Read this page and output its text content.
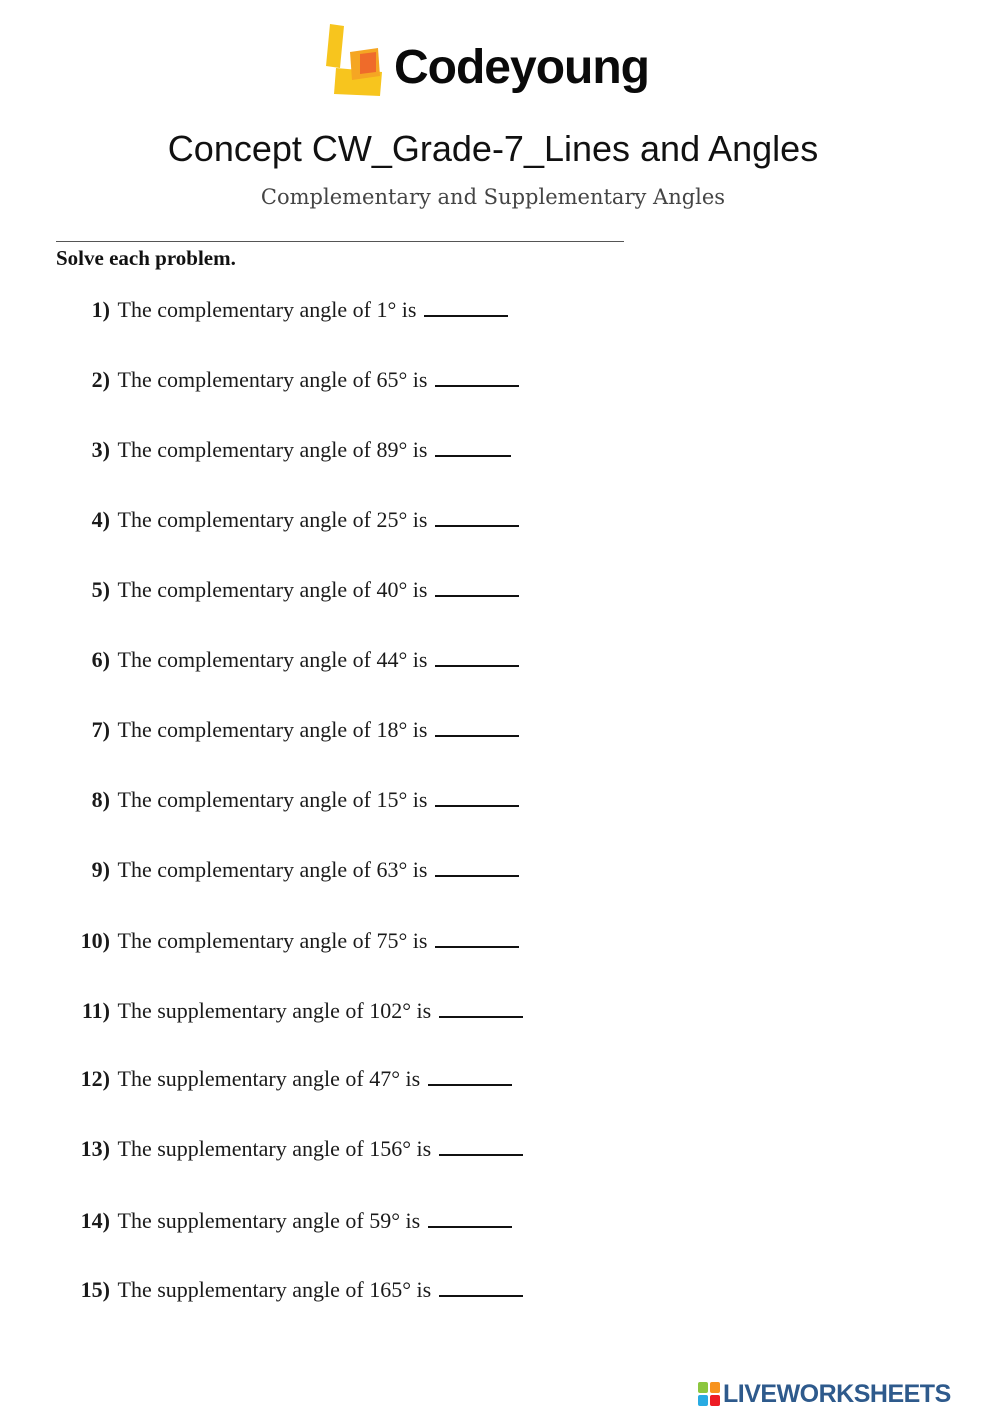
Codeyoung
Concept CW_Grade-7_Lines and Angles
Complementary and Supplementary Angles
Solve each problem.
1) The complementary angle of 1° is
2) The complementary angle of 65° is
3) The complementary angle of 89° is
4) The complementary angle of 25° is
5) The complementary angle of 40° is
6) The complementary angle of 44° is
7) The complementary angle of 18° is
8) The complementary angle of 15° is
9) The complementary angle of 63° is
10) The complementary angle of 75° is
11) The supplementary angle of 102° is
12) The supplementary angle of 47° is
13) The supplementary angle of 156° is
14) The supplementary angle of 59° is
15) The supplementary angle of 165° is
LIVEWORKSHEETS
